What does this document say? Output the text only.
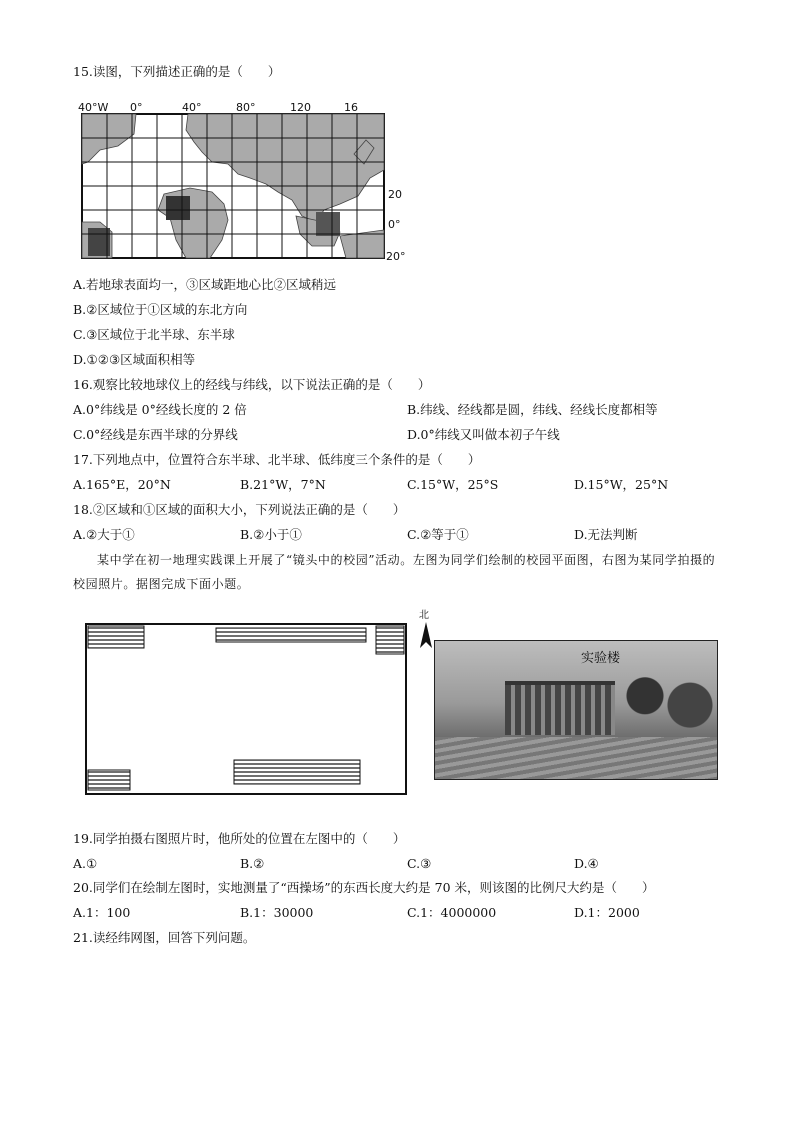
15.读图，下列描述正确的是（　　）
40°W 0°	40°	80°	120	16
20
0°
20°
A.若地球表面均一，③区域距地心比②区域稍远
B.②区域位于①区域的东北方向
C.③区域位于北半球、东半球
D.①②③区域面积相等
16.观察比较地球仪上的经线与纬线，以下说法正确的是（　　）
A.0°纬线是 0°经线长度的 2 倍	B.纬线、经线都是圆，纬线、经线长度都相等
C.0°经线是东西半球的分界线	D.0°纬线又叫做本初子午线
17.下列地点中，位置符合东半球、北半球、低纬度三个条件的是（　　）
A.165°E，20°N	B.21°W，7°N	C.15°W，25°S	D.15°W，25°N
18.②区域和①区域的面积大小，下列说法正确的是（　　）
A.②大于①	B.②小于①	C.②等于①	D.无法判断
某中学在初一地理实践课上开展了“镜头中的校园”活动。左图为同学们绘制的校园平面图，右图为某同学拍摄的校园照片。据图完成下面小题。
校门
教学楼	绿地
北
实验楼
19.同学拍摄右图照片时，他所处的位置在左图中的（　　）
A.①	B.②	C.③	D.④
20.同学们在绘制左图时，实地测量了“西操场”的东西长度大约是 70 米，则该图的比例尺大约是（　　）
A.1：100	B.1：30000	C.1：4000000	D.1：2000
21.读经纬网图，回答下列问题。
